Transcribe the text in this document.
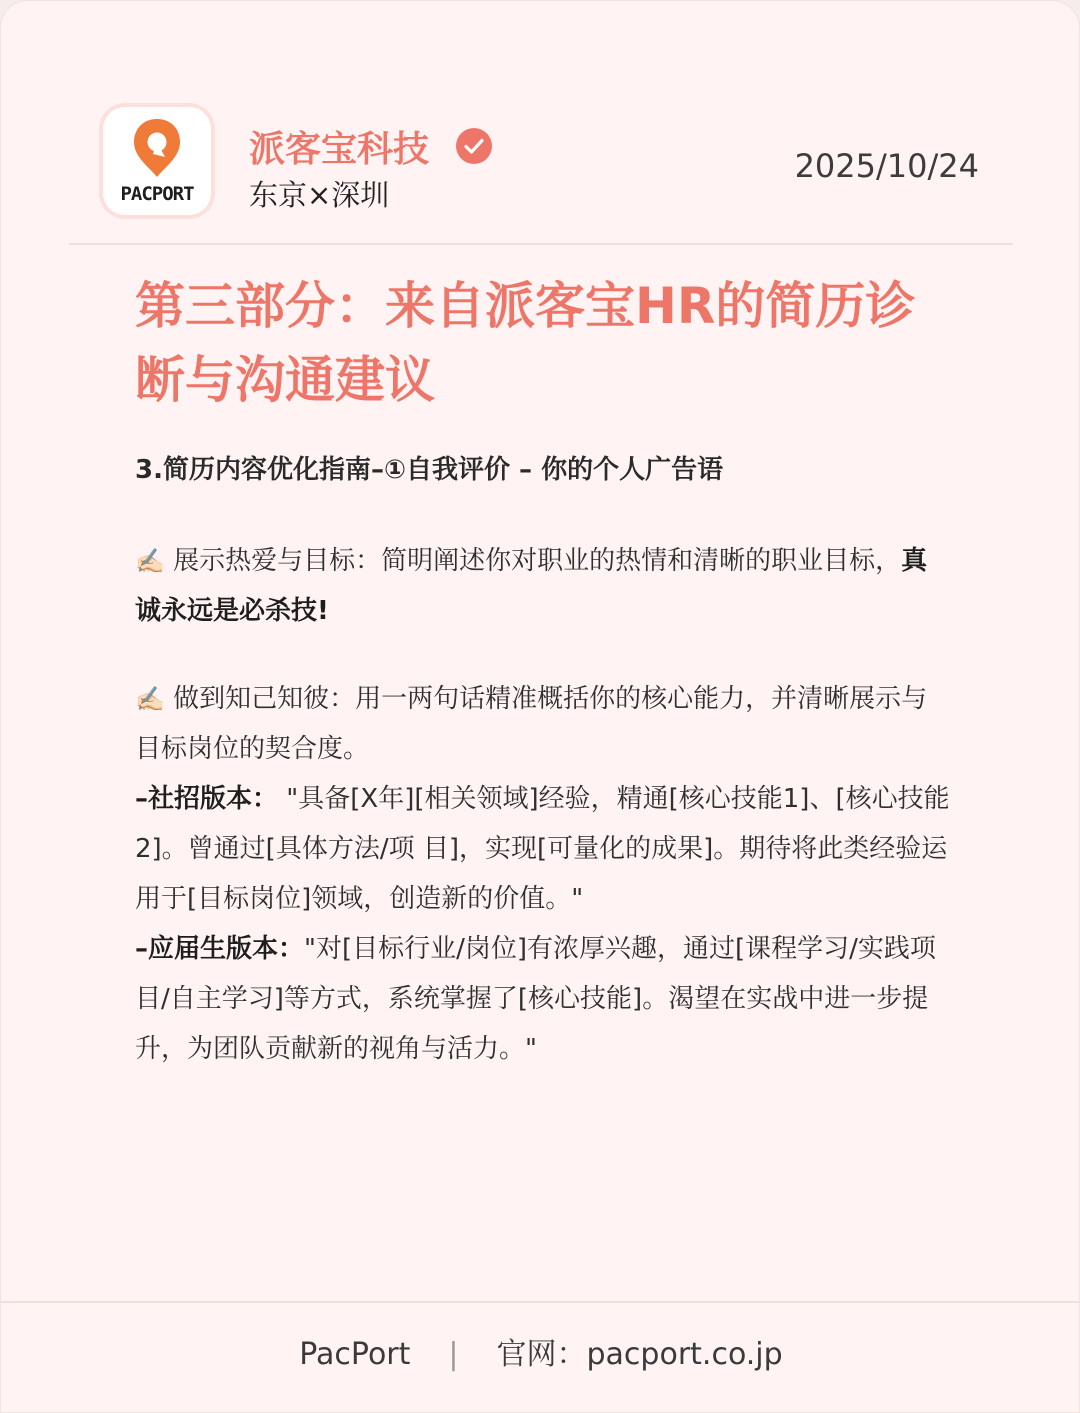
PACPORT
派客宝科技
东京×深圳
2025/10/24
第三部分：来自派客宝HR的简历诊断与沟通建议
3.简历内容优化指南–①自我评价 – 你的个人广告语

✍🏻 展示热爱与目标：简明阐述你对职业的热情和清晰的职业目标，真诚永远是必杀技!

✍🏻 做到知己知彼：用一两句话精准概括你的核心能力，并清晰展示与目标岗位的契合度。

–社招版本： "具备[X年][相关领域]经验，精通[核心技能1]、[核心技能2]。曾通过[具体方法/项 目]，实现[可量化的成果]。期待将此类经验运用于[目标岗位]领域，创造新的价值。"

–应届生版本："对[目标行业/岗位]有浓厚兴趣，通过[课程学习/实践项目/自主学习]等方式，系统掌握了[核心技能]。渴望在实战中进一步提升，为团队贡献新的视角与活力。"

PacPort | 官网：pacport.co.jp
